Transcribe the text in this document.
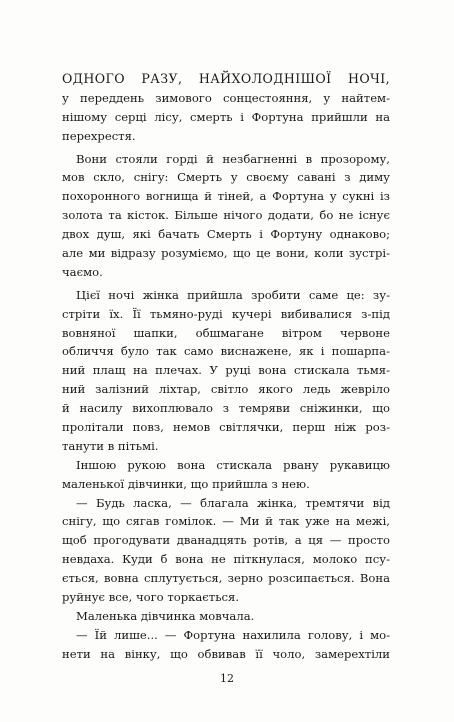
ОДНОГО РАЗУ, НАЙХОЛОДНІШОЇ НОЧІ,
у переддень зимового сонцестояння, у найтем-
нішому серці лісу, смерть і Фортуна прийшли на
перехрестя.
Вони стояли горді й незбагненні в прозорому,
мов скло, снігу: Смерть у своєму савані з диму
похоронного вогнища й тіней, а Фортуна у сукні із
золота та кісток. Більше нічого додати, бо не існує
двох душ, які бачать Смерть і Фортуну однаково;
але ми відразу розуміємо, що це вони, коли зустрі-
чаємо.
Цієї ночі жінка прийшла зробити саме це: зу-
стріти їх. Її тьмяно-руді кучері вибивалися з-під
вовняної шапки, обшмагане вітром червоне
обличчя було так само виснажене, як і пошарпа-
ний плащ на плечах. У руці вона стискала тьмя-
ний залізний ліхтар, світло якого ледь жевріло
й насилу вихоплювало з темряви сніжинки, що
пролітали повз, немов світлячки, перш ніж роз-
танути в пітьмі.
Іншою рукою вона стискала рвану рукавицю
маленької дівчинки, що прийшла з нею.
— Будь ласка, — благала жінка, тремтячи від
снігу, що сягав гомілок. — Ми й так уже на межі,
щоб прогодувати дванадцять ротів, а ця — просто
невдаха. Куди б вона не піткнулася, молоко псу-
ється, вовна сплутується, зерно розсипається. Вона
руйнує все, чого торкається.
Маленька дівчинка мовчала.
— Їй лише... — Фортуна нахилила голову, і мо-
нети на вінку, що обвивав її чоло, замерехтіли
12
